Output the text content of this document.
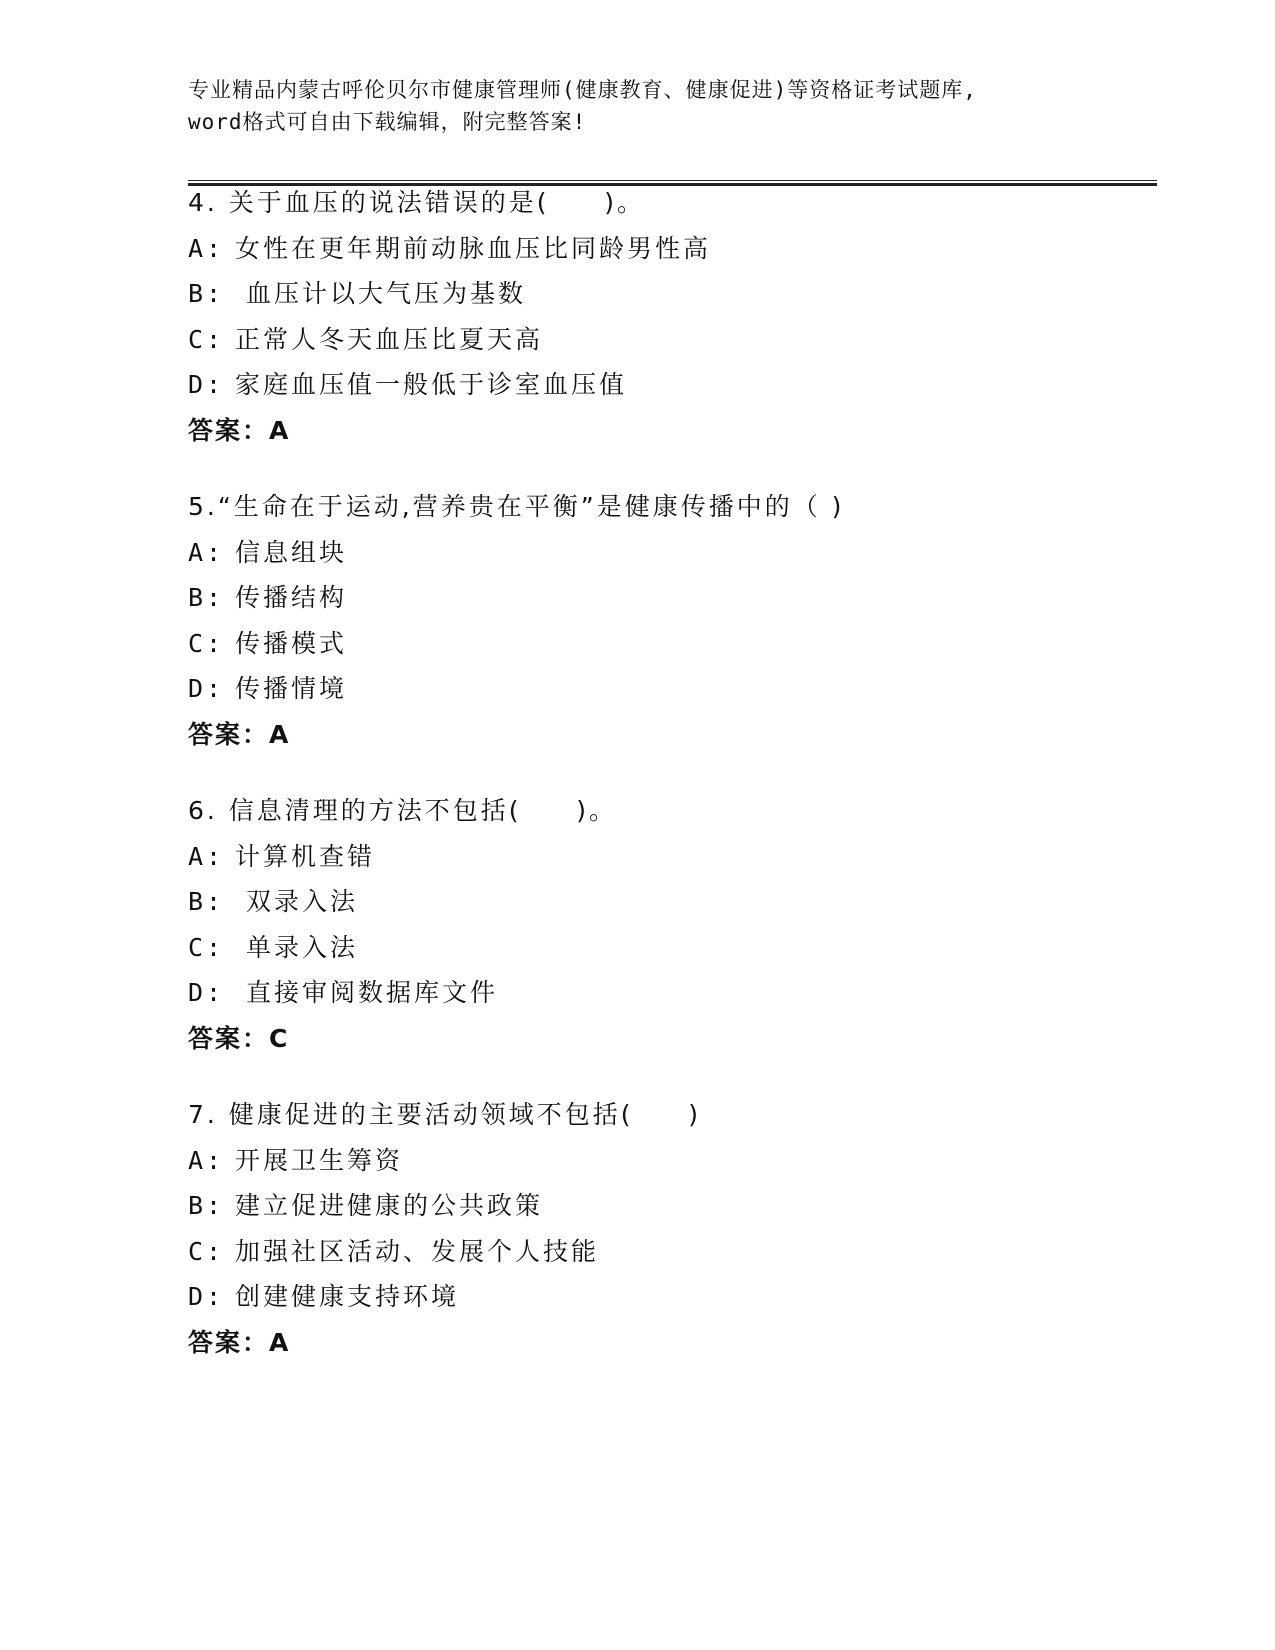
专业精品内蒙古呼伦贝尔市健康管理师(健康教育、健康促进)等资格证考试题库,
word格式可自由下载编辑，附完整答案!
4. 关于血压的说法错误的是(     )。
A: 女性在更年期前动脉血压比同龄男性高
B:  血压计以大气压为基数
C: 正常人冬天血压比夏天高
D: 家庭血压值一般低于诊室血压值
答案：A
5.“生命在于运动,营养贵在平衡”是健康传播中的（ )
A: 信息组块
B: 传播结构
C: 传播模式
D: 传播情境
答案：A
6. 信息清理的方法不包括(     )。
A: 计算机查错
B:  双录入法
C:  单录入法
D:  直接审阅数据库文件
答案：C
7. 健康促进的主要活动领域不包括(     )
A: 开展卫生筹资
B: 建立促进健康的公共政策
C: 加强社区活动、发展个人技能
D: 创建健康支持环境
答案：A
